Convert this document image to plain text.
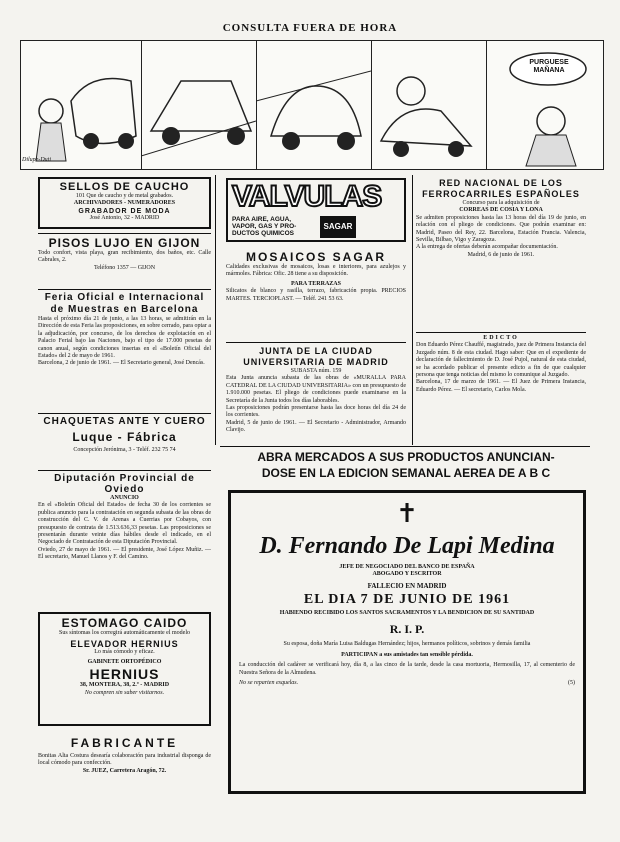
CONSULTA FUERA DE HORA
PURGUESE MAÑANA
Dilupe-Duti
SELLOS DE CAUCHO
101 Que de caucho y de metal grabados.
ARCHIVADORES - NUMERADORES
GRABADOR DE MODA
José Antonio, 32 - MADRID
PISOS LUJO EN GIJON
Todo confort, vista playa, gran recibimiento, dos baños, etc. Calle Cabrales, 2.
Teléfono 1357 — GIJON
Feria Oficial e Internacional de Muestras en Barcelona
Hasta el próximo día 21 de junio, a las 13 horas, se admitirán en la Dirección de esta Feria las proposiciones, en sobre cerrado, para optar a la adjudicación, por concurso, de los derechos de explotación en el Palacio Ferial bajo las Naciones, bajo el tipo de 17.000 pesetas de canon anual, según condiciones insertas en el «Boletín Oficial del Estado» del 2 de mayo de 1961.
Barcelona, 2 de junio de 1961. — El Secretario general, José Dencás.
CHAQUETAS ANTE Y CUERO
Luque - Fábrica
Concepción Jerónima, 3 - Teléf. 232 75 74
Diputación Provincial de Oviedo
ANUNCIO
En el «Boletín Oficial del Estado» de fecha 30 de los corrientes se publica anuncio para la contratación en segunda subasta de las obras de construcción del C. V. de Arenas a Cuerrias por Cobayos, con presupuesto de contrata de 1.513.636,33 pesetas. Las proposiciones se presentarán durante veinte días hábiles desde el indicado, en el Negociado de Contratación de esta Diputación Provincial.
Oviedo, 27 de mayo de 1961. — El presidente, José López Muñiz. — El secretario, Manuel Llanos y F. del Camino.
ESTOMAGO CAIDO
Sus síntomas los corregirá automáticamente el modelo
ELEVADOR HERNIUS
Lo más cómodo y eficaz.
GABINETE ORTOPÉDICO
HERNIUS
38, MONTERA, 38, 2.º - MADRID
No compren sin saber visitarnos.
FABRICANTE
Bonitas Alta Costura desearía colaboración para industrial disponga de local cómodo para confección.
Sr. JUEZ, Carretera Aragón, 72.
VALVULAS
PARA AIRE, AGUA,
VAPOR, GAS Y PRO-
DUCTOS QUIMICOS
SAGAR
MOSAICOS SAGAR
Calidades exclusivas de mosaicos, losas e interiores, para azulejos y mármoles. Fábrica: Ofic. 28 tiene a su disposición.
PARA TERRAZAS
Silicatos de blanco y rasilla, terrazo, fabricación propia. PRECIOS MARTES. TERCIOPLAST. — Teléf. 241 53 63.
JUNTA DE LA CIUDAD UNIVERSITARIA DE MADRID
SUBASTA núm. 159
Esta Junta anuncia subasta de las obras de «MURALLA PARA CATEDRAL DE LA CIUDAD UNIVERSITARIA» con un presupuesto de 1.910.000 pesetas. El pliego de condiciones puede examinarse en la Secretaría de la Junta todos los días laborables.
Las proposiciones podrán presentarse hasta las doce horas del día 24 de los corrientes.
Madrid, 5 de junio de 1961. — El Secretario - Administrador, Armando Clavijo.
RED NACIONAL DE LOS FERROCARRILES ESPAÑOLES
Concurso para la adquisición de
CORREAS DE COSIA Y LONA
Se admiten proposiciones hasta las 13 horas del día 19 de junio, en relación con el pliego de condiciones. Que podrán examinar en: Madrid, Paseo del Rey, 22. Barcelona, Estación Francia. Valencia, Sevilla, Bilbao, Vigo y Zaragoza.
A la entrega de ofertas deberán acompañar documentación.
Madrid, 6 de junio de 1961.
EDICTO
Don Eduardo Pérez Chauffé, magistrado, juez de Primera Instancia del Juzgado núm. 8 de esta ciudad. Hago saber: Que en el expediente de declaración de fallecimiento de D. José Pujol, natural de esta ciudad, se ha acordado publicar el presente edicto a fin de que cualquier persona que tenga noticias del mismo lo comunique al Juzgado.
Barcelona, 17 de marzo de 1961. — El Juez de Primera Instancia, Eduardo Pérez. — El secretario, Carlos Mola.
ABRA MERCADOS A SUS PRODUCTOS ANUNCIAN-
DOSE EN LA EDICION SEMANAL AEREA DE A B C
✝
D. Fernando De Lapi Medina
JEFE DE NEGOCIADO DEL BANCO DE ESPAÑA
ABOGADO Y ESCRITOR
FALLECIO EN MADRID
EL DIA 7 DE JUNIO DE 1961
HABIENDO RECIBIDO LOS SANTOS SACRAMENTOS Y LA BENDICION DE SU SANTIDAD
R. I. P.
Su esposa, doña María Luisa Baldugas Hernández; hijos, hermanos políticos, sobrinos y demás familia
PARTICIPAN a sus amistades tan sensible pérdida.
La conducción del cadáver se verificará hoy, día 8, a las cinco de la tarde, desde la casa mortuoria, Hermosilla, 17, al cementerio de Nuestra Señora de la Almudena.
No se reparten esquelas.	(5)
